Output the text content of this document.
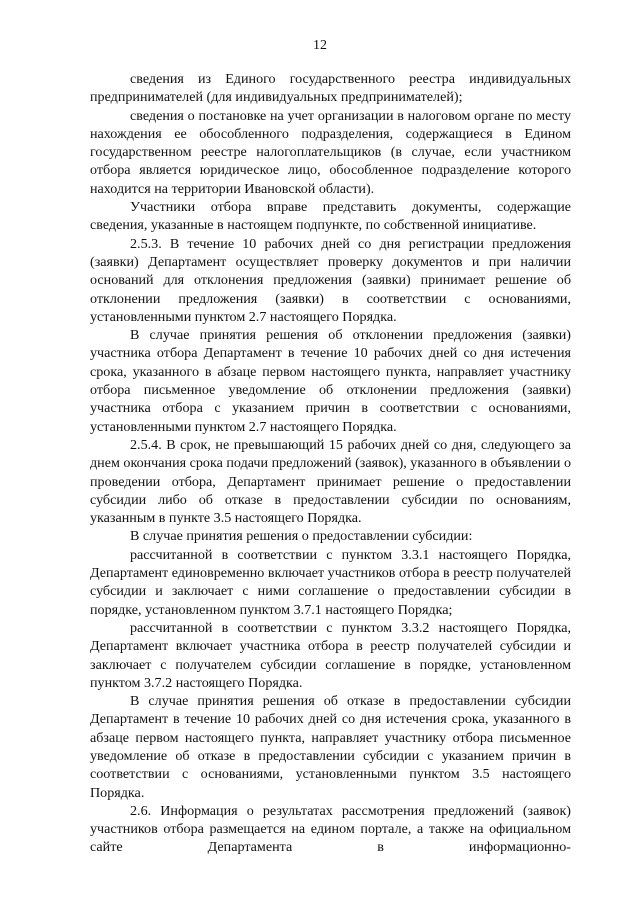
12

сведения из Единого государственного реестра индивидуальных предпринимателей (для индивидуальных предпринимателей);

сведения о постановке на учет организации в налоговом органе по месту нахождения ее обособленного подразделения, содержащиеся в Едином государственном реестре налогоплательщиков (в случае, если участником отбора является юридическое лицо, обособленное подразделение которого находится на территории Ивановской области).

Участники отбора вправе представить документы, содержащие сведения, указанные в настоящем подпункте, по собственной инициативе.

2.5.3. В течение 10 рабочих дней со дня регистрации предложения (заявки) Департамент осуществляет проверку документов и при наличии оснований для отклонения предложения (заявки) принимает решение об отклонении предложения (заявки) в соответствии с основаниями, установленными пунктом 2.7 настоящего Порядка.

В случае принятия решения об отклонении предложения (заявки) участника отбора Департамент в течение 10 рабочих дней со дня истечения срока, указанного в абзаце первом настоящего пункта, направляет участнику отбора письменное уведомление об отклонении предложения (заявки) участника отбора с указанием причин в соответствии с основаниями, установленными пунктом 2.7 настоящего Порядка.

2.5.4. В срок, не превышающий 15 рабочих дней со дня, следующего за днем окончания срока подачи предложений (заявок), указанного в объявлении о проведении отбора, Департамент принимает решение о предоставлении субсидии либо об отказе в предоставлении субсидии по основаниям, указанным в пункте 3.5 настоящего Порядка.

В случае принятия решения о предоставлении субсидии:

рассчитанной в соответствии с пунктом 3.3.1 настоящего Порядка, Департамент единовременно включает участников отбора в реестр получателей субсидии и заключает с ними соглашение о предоставлении субсидии в порядке, установленном пунктом 3.7.1 настоящего Порядка;

рассчитанной в соответствии с пунктом 3.3.2 настоящего Порядка, Департамент включает участника отбора в реестр получателей субсидии и заключает с получателем субсидии соглашение в порядке, установленном пунктом 3.7.2 настоящего Порядка.

В случае принятия решения об отказе в предоставлении субсидии Департамент в течение 10 рабочих дней со дня истечения срока, указанного в абзаце первом настоящего пункта, направляет участнику отбора письменное уведомление об отказе в предоставлении субсидии с указанием причин в соответствии с основаниями, установленными пунктом 3.5 настоящего Порядка.

2.6. Информация о результатах рассмотрения предложений (заявок) участников отбора размещается на едином портале, а также на официальном сайте Департамента в информационно-
